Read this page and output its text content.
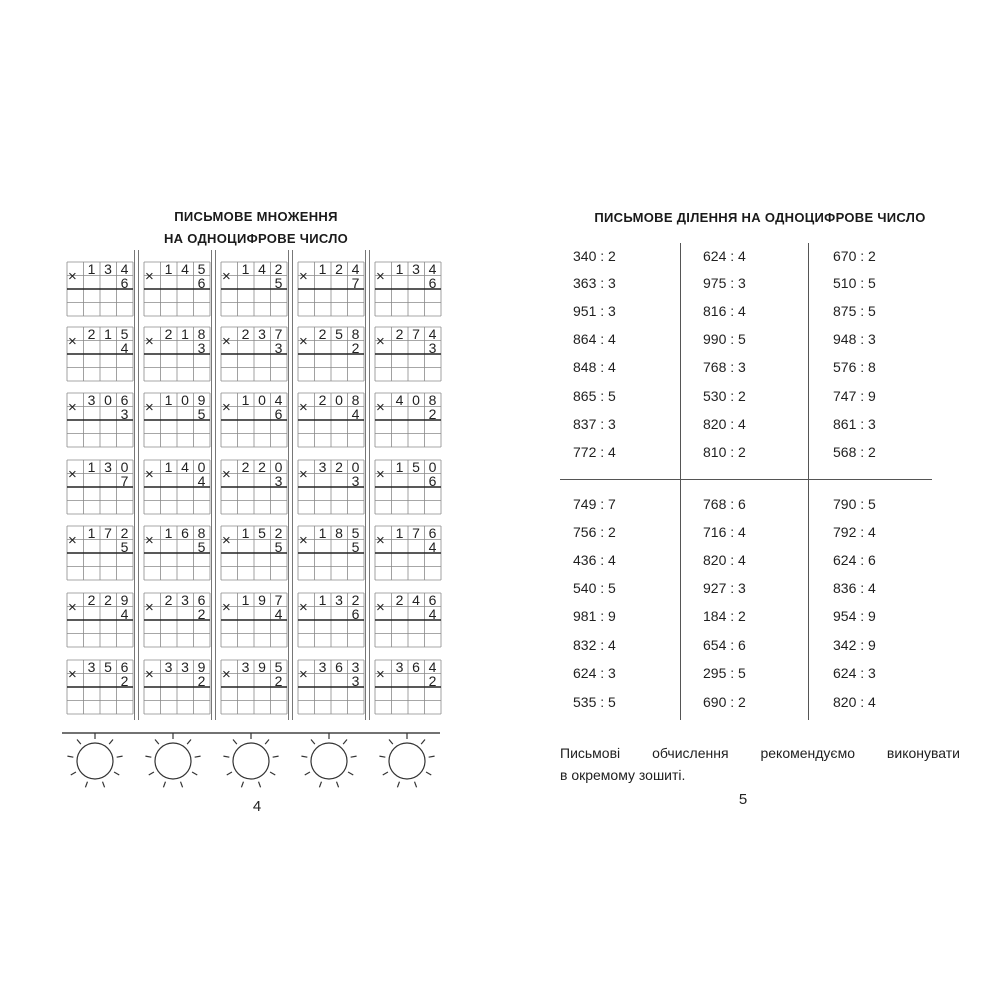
ПИСЬМОВЕ МНОЖЕННЯ
НА ОДНОЦИФРОВЕ ЧИСЛО
4
× 1 3 4
6 × 1 4 5
6 × 1 4 2
5 × 1 2 4
7 × 1 3 4
6
× 2 1 5
4 × 2 1 8
3 × 2 3 7
3 × 2 5 8
2 × 2 7 4
3
× 3 0 6
3 × 1 0 9
5 × 1 0 4
6 × 2 0 8
4 × 4 0 8
2
× 1 3 0
7 × 1 4 0
4 × 2 2 0
3 × 3 2 0
3 × 1 5 0
6
× 1 7 2
5 × 1 6 8
5 × 1 5 2
5 × 1 8 5
5 × 1 7 6
4
× 2 2 9
4 × 2 3 6
2 × 1 9 7
4 × 1 3 2
6 × 2 4 6
4
× 3 5 6
2 × 3 3 9
2 × 3 9 5
2 × 3 6 3
3 × 3 6 4
2
ПИСЬМОВЕ ДІЛЕННЯ НА ОДНОЦИФРОВЕ ЧИСЛО
Письмові обчислення рекомендуємо виконувати
в окремому зошиті.
5
340 : 2
363 : 3
951 : 3
864 : 4
848 : 4
865 : 5
837 : 3
772 : 4
624 : 4
975 : 3
816 : 4
990 : 5
768 : 3
530 : 2
820 : 4
810 : 2
670 : 2
510 : 5
875 : 5
948 : 3
576 : 8
747 : 9
861 : 3
568 : 2
749 : 7
756 : 2
436 : 4
540 : 5
981 : 9
832 : 4
624 : 3
535 : 5
768 : 6
716 : 4
820 : 4
927 : 3
184 : 2
654 : 6
295 : 5
690 : 2
790 : 5
792 : 4
624 : 6
836 : 4
954 : 9
342 : 9
624 : 3
820 : 4
